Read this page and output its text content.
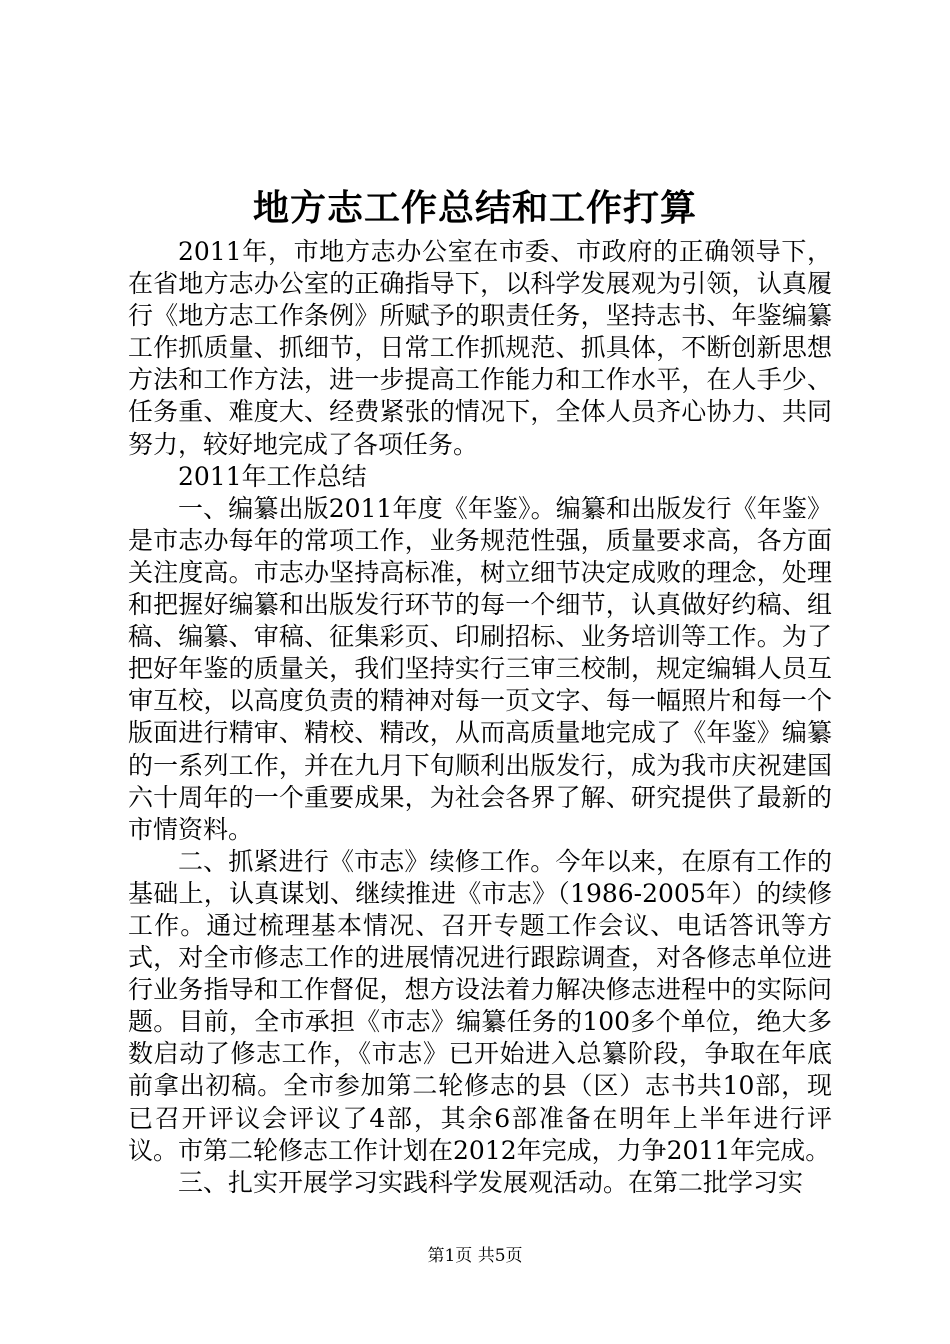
地方志工作总结和工作打算

2011年，市地方志办公室在市委、市政府的正确领导下，在省地方志办公室的正确指导下，以科学发展观为引领，认真履行《地方志工作条例》所赋予的职责任务，坚持志书、年鉴编纂工作抓质量、抓细节，日常工作抓规范、抓具体，不断创新思想方法和工作方法，进一步提高工作能力和工作水平，在人手少、任务重、难度大、经费紧张的情况下，全体人员齐心协力、共同努力，较好地完成了各项任务。

2011年工作总结

一、编纂出版2011年度《年鉴》。编纂和出版发行《年鉴》是市志办每年的常项工作，业务规范性强，质量要求高，各方面关注度高。市志办坚持高标准，树立细节决定成败的理念，处理和把握好编纂和出版发行环节的每一个细节，认真做好约稿、组稿、编纂、审稿、征集彩页、印刷招标、业务培训等工作。为了把好年鉴的质量关，我们坚持实行三审三校制，规定编辑人员互审互校，以高度负责的精神对每一页文字、每一幅照片和每一个版面进行精审、精校、精改，从而高质量地完成了《年鉴》编纂的一系列工作，并在九月下旬顺利出版发行，成为我市庆祝建国六十周年的一个重要成果，为社会各界了解、研究提供了最新的市情资料。

二、抓紧进行《市志》续修工作。今年以来，在原有工作的基础上，认真谋划、继续推进《市志》（1986-2005年）的续修工作。通过梳理基本情况、召开专题工作会议、电话答讯等方式，对全市修志工作的进展情况进行跟踪调查，对各修志单位进行业务指导和工作督促，想方设法着力解决修志进程中的实际问题。目前，全市承担《市志》编纂任务的100多个单位，绝大多数启动了修志工作，《市志》已开始进入总纂阶段，争取在年底前拿出初稿。全市参加第二轮修志的县（区）志书共10部，现已召开评议会评议了4部，其余6部准备在明年上半年进行评议。市第二轮修志工作计划在2012年完成，力争2011年完成。

三、扎实开展学习实践科学发展观活动。在第二批学习实

第1页 共5页
